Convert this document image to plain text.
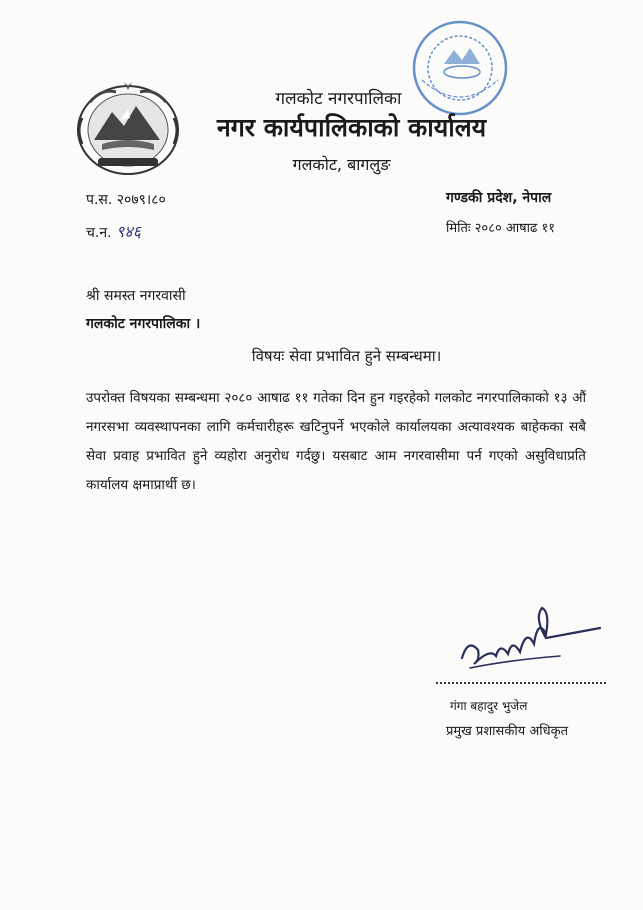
गलकोट नगरपालिका
नगर कार्यपालिकाको कार्यालय
गलकोट, बागलुङ
प.स. २०७९।८०
च.न. ९४६
गण्डकी प्रदेश, नेपाल
मितिः २०८० आषाढ ११
श्री समस्त नगरवासी
गलकोट नगरपालिका ।
विषयः सेवा प्रभावित हुने सम्बन्धमा।
उपरोक्त विषयका सम्बन्धमा २०८० आषाढ ११ गतेका दिन हुन गइरहेको गलकोट नगरपालिकाको १३ औं नगरसभा व्यवस्थापनका लागि कर्मचारीहरू खटिनुपर्ने भएकोले कार्यालयका अत्यावश्यक बाहेकका सबै सेवा प्रवाह प्रभावित हुने व्यहोरा अनुरोध गर्दछु। यसबाट आम नगरवासीमा पर्न गएको असुविधाप्रति कार्यालय क्षमाप्रार्थी छ।
गंगा बहादुर भुजेल
प्रमुख प्रशासकीय अधिकृत
